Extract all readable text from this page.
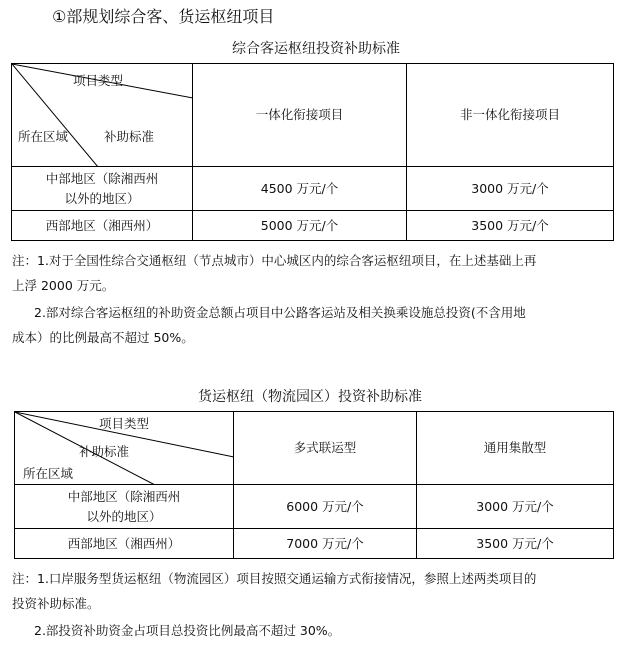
①部规划综合客、货运枢纽项目
综合客运枢纽投资补助标准
项目类型
所在区域 补助标准	一体化衔接项目	非一体化衔接项目

中部地区（除湘西州
以外的地区）	4500 万元/个	3000 万元/个
西部地区（湘西州）	5000 万元/个	3500 万元/个
注：1.对于全国性综合交通枢纽（节点城市）中心城区内的综合客运枢纽项目，在上述基础上再
上浮 2000 万元。
2.部对综合客运枢纽的补助资金总额占项目中公路客运站及相关换乘设施总投资(不含用地
成本）的比例最高不超过 50%。
货运枢纽（物流园区）投资补助标准
项目类型
补助标准
所在区域	多式联运型	通用集散型

中部地区（除湘西州
以外的地区）	6000 万元/个	3000 万元/个
西部地区（湘西州）	7000 万元/个	3500 万元/个
注：1.口岸服务型货运枢纽（物流园区）项目按照交通运输方式衔接情况，参照上述两类项目的
投资补助标准。
2.部投资补助资金占项目总投资比例最高不超过 30%。
